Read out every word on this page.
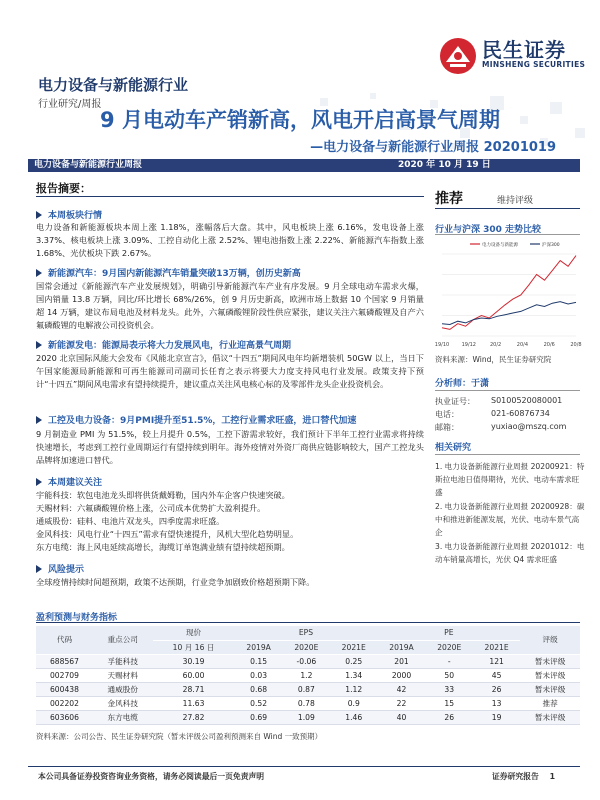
民生证券
MINSHENG SECURITIES
电力设备与新能源行业
行业研究/周报
9 月电动车产销新高，风电开启高景气周期
—电力设备与新能源行业周报 20201019
电力设备与新能源行业周报	2020 年 10 月 19 日
报告摘要：
本周板块行情

电力设备和新能源板块本周上涨 1.18%，涨幅落后大盘。其中，风电板块上涨 6.16%，发电设备上涨 3.37%、核电板块上涨 3.09%、工控自动化上涨 2.52%、锂电池指数上涨 2.22%、新能源汽车指数上涨 1.68%、光伏板块下跌 2.67%。

新能源汽车：9月国内新能源汽车销量突破13万辆，创历史新高

国常会通过《新能源汽车产业发展规划》，明确引导新能源汽车产业有序发展。9 月全球电动车需求火爆，国内销量 13.8 万辆，同比/环比增长 68%/26%，创 9 月历史新高，欧洲市场上数据 10 个国家 9 月销量超 14 万辆，建议布局电池及材料龙头。此外，六氟磷酸锂阶段性供应紧张，建议关注六氟磷酸锂及自产六氟磷酸锂的电解液公司投资机会。

新能源发电：能源局表示将大力发展风电，行业迎高景气周期

2020 北京国际风能大会发布《风能北京宣言》，倡议“十四五”期间风电年均新增装机 50GW 以上，当日下午国家能源局新能源和可再生能源司司副司长任育之表示将要大力度支持风电行业发展。政策支持下预计“十四五”期间风电需求有望持续提升，建议重点关注风电核心标的及零部件龙头企业投资机会。

工控及电力设备：9月PMI提升至51.5%，工控行业需求旺盛，进口替代加速

9 月制造业 PMI 为 51.5%，较上月提升 0.5%，工控下游需求较好，我们预计下半年工控行业需求将持续快速增长，考虑到工控行业周期运行有望持续到明年。海外疫情对外资厂商供应链影响较大，国产工控龙头品牌将加速进口替代。

本周建议关注

宇能科技：软包电池龙头即将供货戴姆勒，国内外车企客户快速突破。

天赐材料：六氟磷酸锂价格上涨，公司成本优势扩大盈利提升。

通威股份：硅料、电池片双龙头，四季度需求旺盛。

金风科技：风电行业“十四五”需求有望快速提升，风机大型化趋势明显。

东方电缆：海上风电延续高增长，海缆订单饱满业绩有望持续超预期。

风险提示

全球疫情持续时间超预期，政策不达预期，行业竞争加剧致价格超预期下降。

推荐	维持评级
行业与沪深 300 走势比较
电力设备与新能源	沪深300
19/10 19/12	20/2	20/4	20/6	20/8
资料来源：Wind，民生证券研究院
分析师：于潇
执业证号： S0100520080001
电话：	021-60876734
相关研究
1. 电力设备新能源行业周报 20200921：特斯拉电池日值得期待，光伏、电动车需求旺盛
2. 电力设备新能源行业周报 20200928：碳中和推进新能源发展，光伏、电动车景气高企
3. 电力设备新能源行业周报 20201012：电动车销量高增长，光伏 Q4 需求旺盛
邮箱：	yuxiao@mszq.com
盈利预测与财务指标
代码	重点公司	现价	EPS			PE			评级
		10 月 16 日	2019A	2020E	2021E	2019A	2020E	2021E	
688567	孚能科技	30.19	0.15	-0.06	0.25	201	-	121	暂未评级
002709	天赐材料	60.00	0.03	1.2	1.34	2000	50	45	暂未评级
600438	通威股份	28.71	0.68	0.87	1.12	42	33	26	暂未评级
002202	金风科技	11.63	0.52	0.78	0.9	22	15	13	推荐
603606	东方电缆	27.82	0.69	1.09	1.46	40	26	19	暂未评级
资料来源：公司公告、民生证券研究院（暂未评级公司盈利预测来自 Wind 一致预期）
本公司具备证券投资咨询业务资格，请务必阅读最后一页免责声明	证券研究报告 1
